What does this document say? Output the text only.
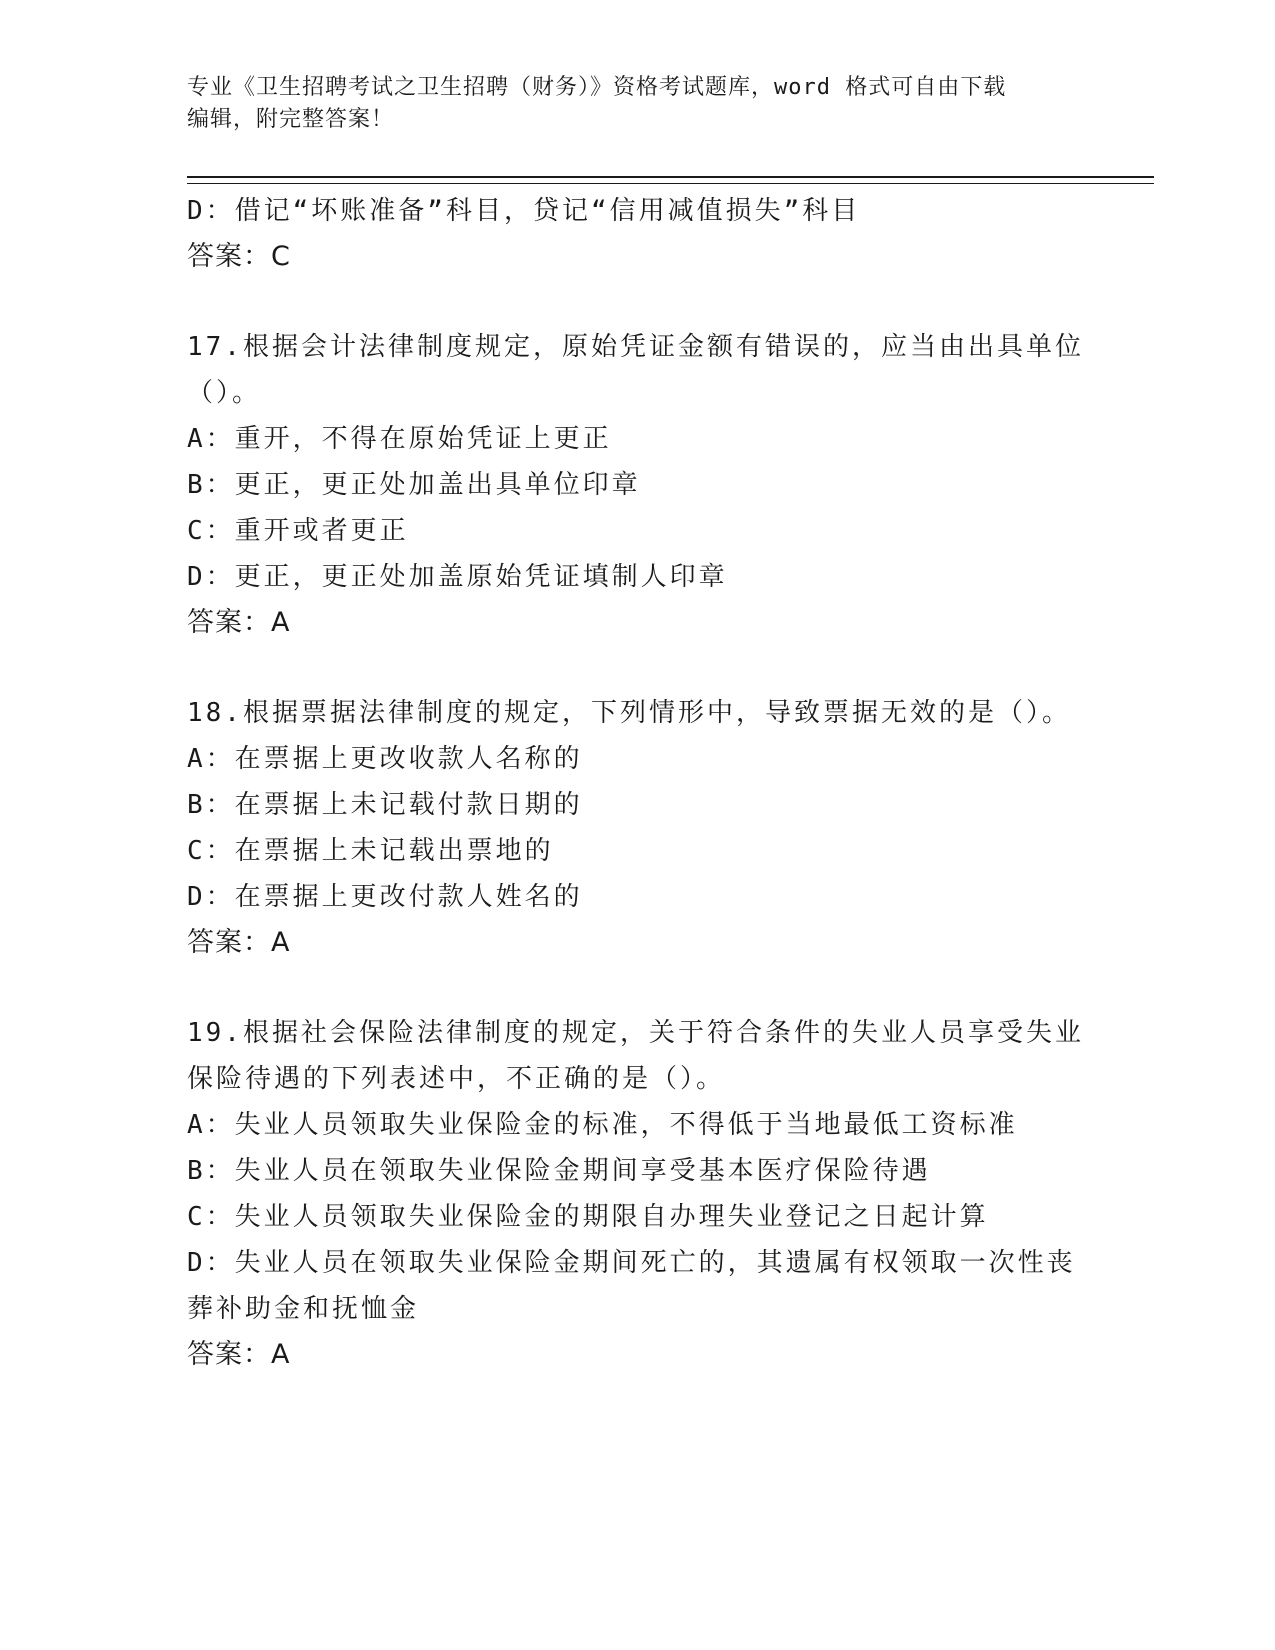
专业《卫生招聘考试之卫生招聘（财务）》资格考试题库，word 格式可自由下载
编辑，附完整答案！
D：借记“坏账准备”科目，贷记“信用减值损失”科目
答案：C
17.根据会计法律制度规定，原始凭证金额有错误的，应当由出具单位
（）。
A：重开，不得在原始凭证上更正
B：更正，更正处加盖出具单位印章
C：重开或者更正
D：更正，更正处加盖原始凭证填制人印章
答案：A
18.根据票据法律制度的规定，下列情形中，导致票据无效的是（）。
A：在票据上更改收款人名称的
B：在票据上未记载付款日期的
C：在票据上未记载出票地的
D：在票据上更改付款人姓名的
答案：A
19.根据社会保险法律制度的规定，关于符合条件的失业人员享受失业
保险待遇的下列表述中，不正确的是（）。
A：失业人员领取失业保险金的标准，不得低于当地最低工资标准
B：失业人员在领取失业保险金期间享受基本医疗保险待遇
C：失业人员领取失业保险金的期限自办理失业登记之日起计算
D：失业人员在领取失业保险金期间死亡的，其遗属有权领取一次性丧
葬补助金和抚恤金
答案：A
